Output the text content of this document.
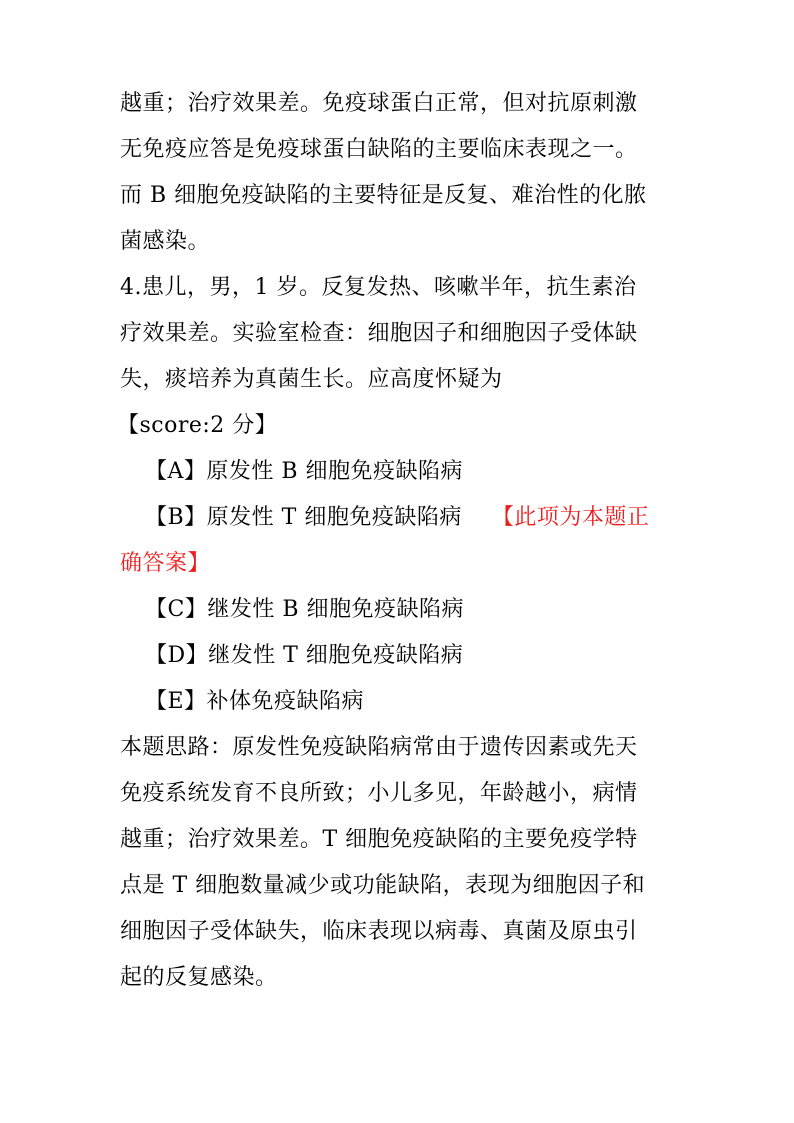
越重；治疗效果差。免疫球蛋白正常，但对抗原刺激
无免疫应答是免疫球蛋白缺陷的主要临床表现之一。
而 B 细胞免疫缺陷的主要特征是反复、难治性的化脓
菌感染。
4.患儿，男，1 岁。反复发热、咳嗽半年，抗生素治
疗效果差。实验室检查：细胞因子和细胞因子受体缺
失，痰培养为真菌生长。应高度怀疑为
【score:2 分】
【A】原发性 B 细胞免疫缺陷病
【B】原发性 T 细胞免疫缺陷病 【此项为本题正
确答案】
【C】继发性 B 细胞免疫缺陷病
【D】继发性 T 细胞免疫缺陷病
【E】补体免疫缺陷病
本题思路：原发性免疫缺陷病常由于遗传因素或先天
免疫系统发育不良所致；小儿多见，年龄越小，病情
越重；治疗效果差。T 细胞免疫缺陷的主要免疫学特
点是 T 细胞数量减少或功能缺陷，表现为细胞因子和
细胞因子受体缺失，临床表现以病毒、真菌及原虫引
起的反复感染。
